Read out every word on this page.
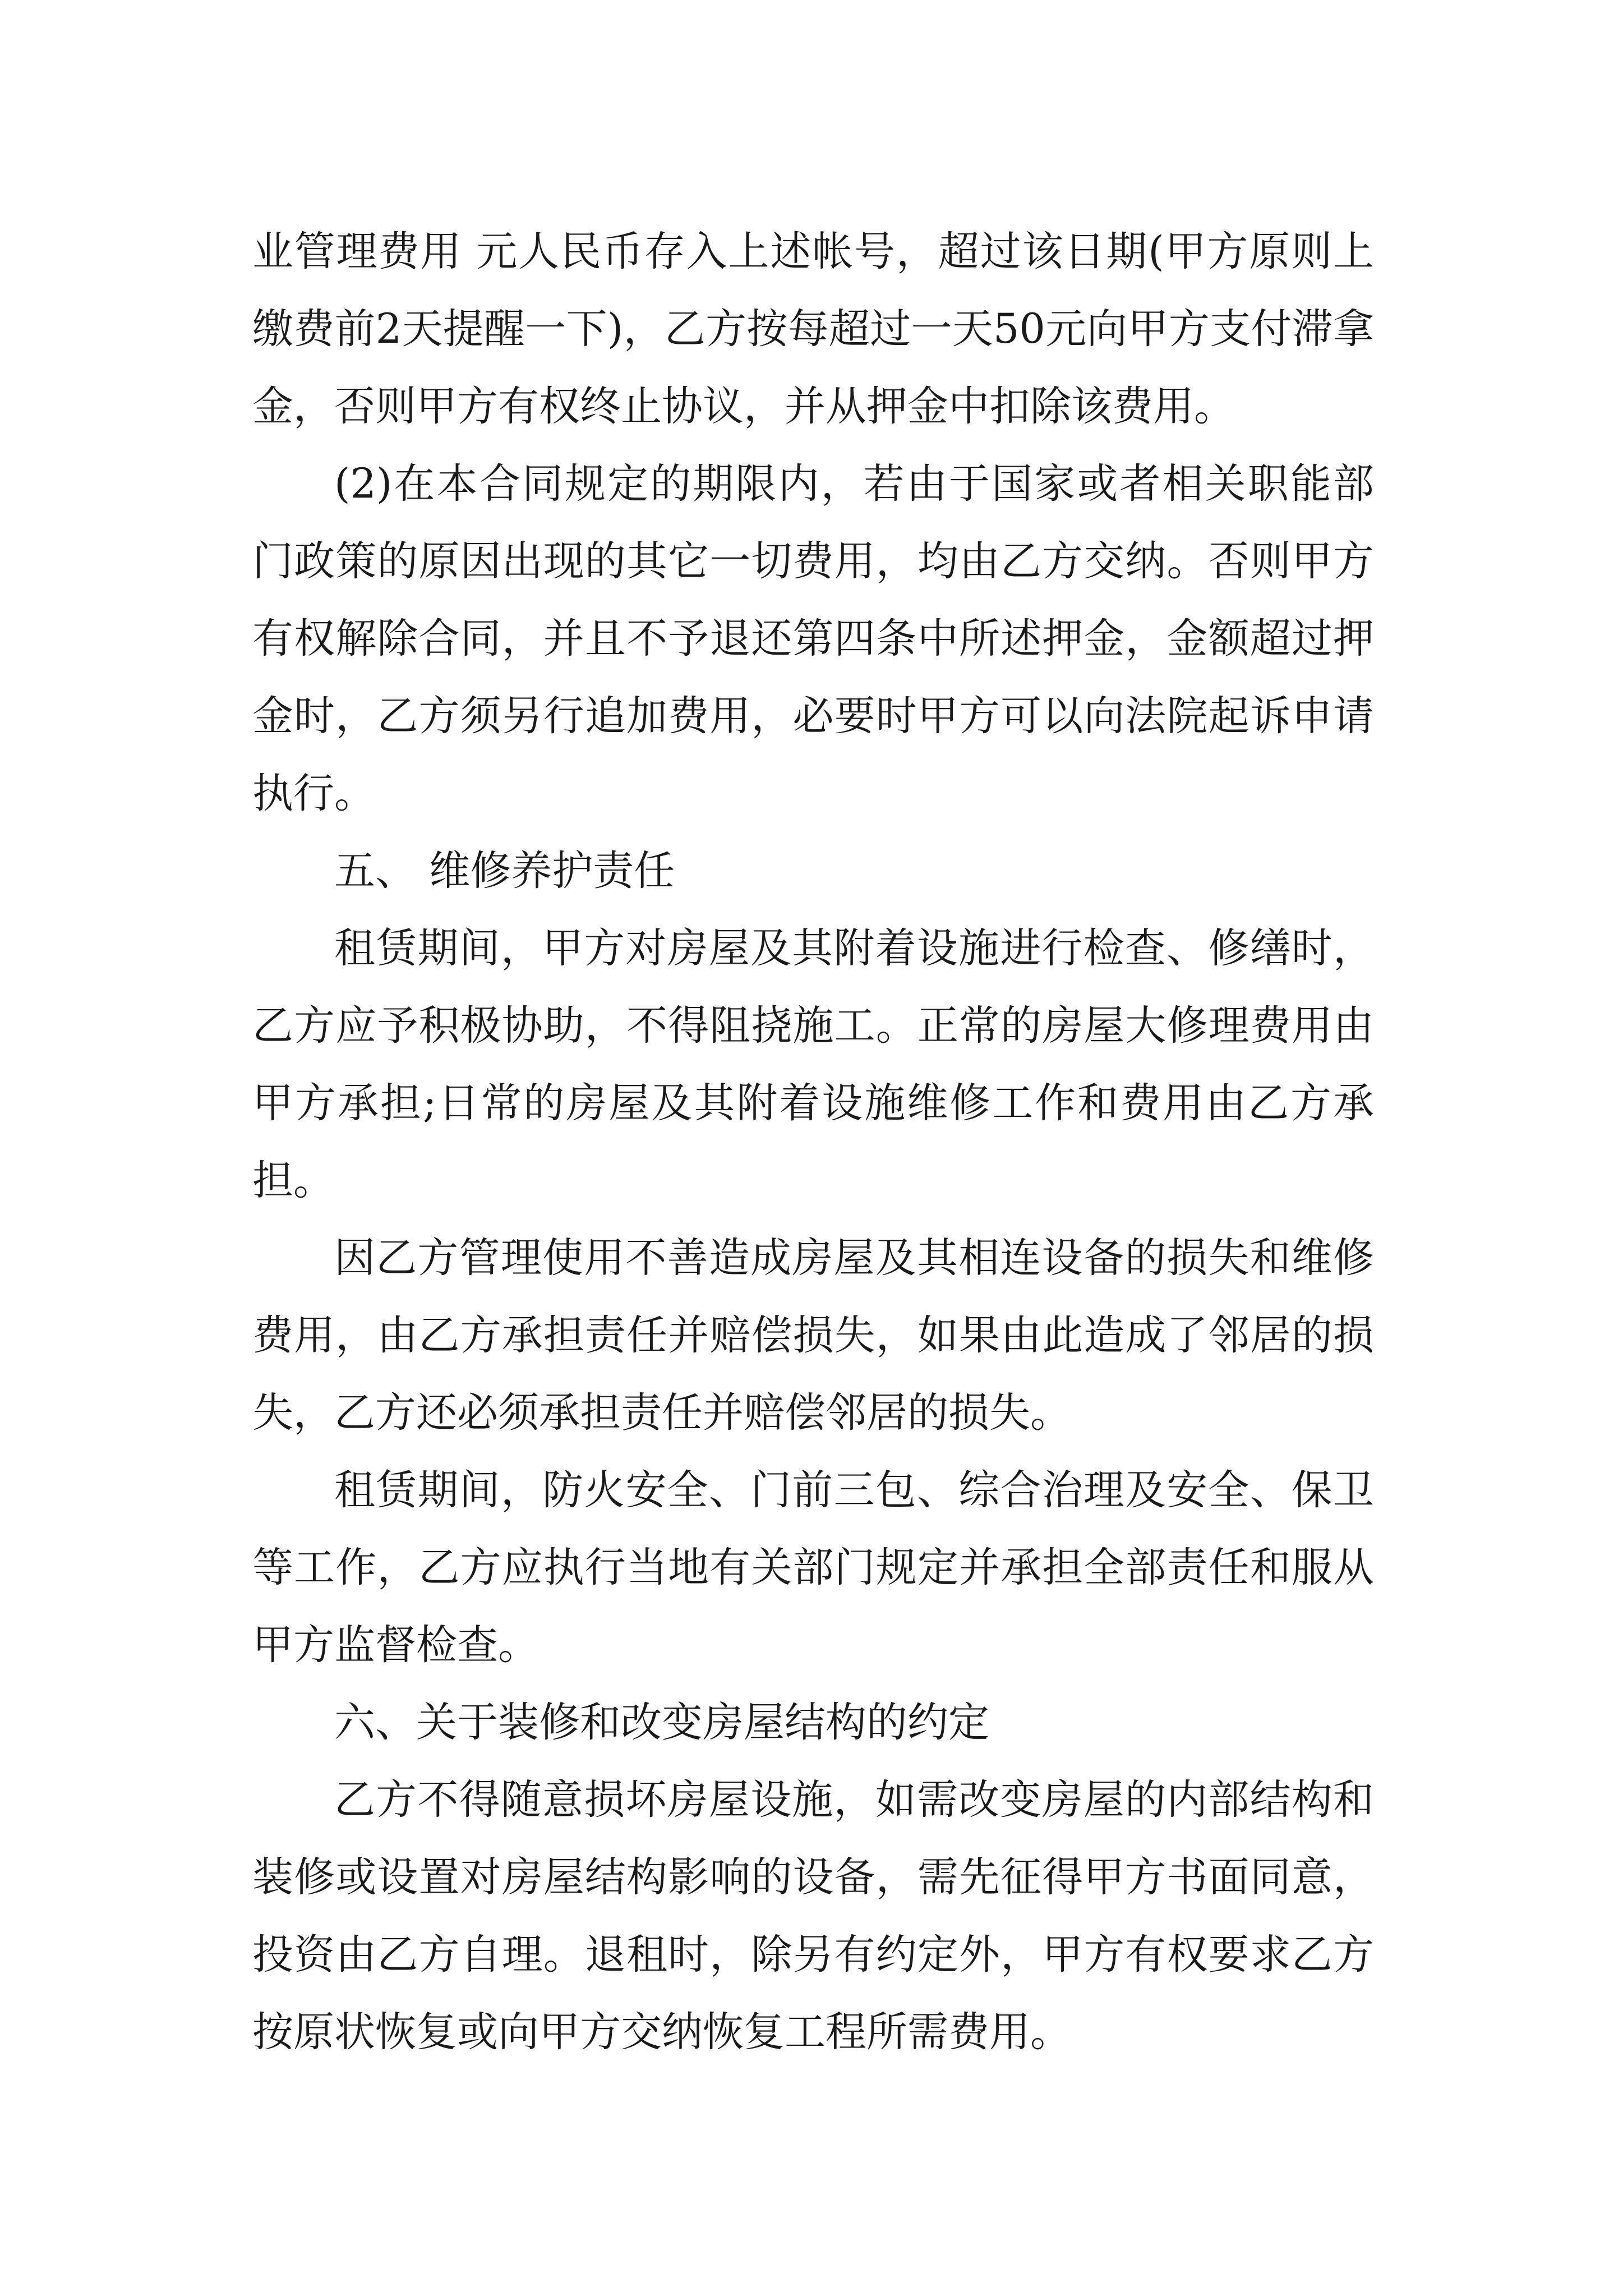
业管理费用 元人民币存入上述帐号，超过该日期(甲方原则上缴费前2天提醒一下)，乙方按每超过一天50元向甲方支付滞拿金，否则甲方有权终止协议，并从押金中扣除该费用。

(2)在本合同规定的期限内，若由于国家或者相关职能部门政策的原因出现的其它一切费用，均由乙方交纳。否则甲方有权解除合同，并且不予退还第四条中所述押金，金额超过押金时，乙方须另行追加费用，必要时甲方可以向法院起诉申请执行。

五、 维修养护责任

租赁期间，甲方对房屋及其附着设施进行检查、修缮时，乙方应予积极协助，不得阻挠施工。正常的房屋大修理费用由甲方承担;日常的房屋及其附着设施维修工作和费用由乙方承担。

因乙方管理使用不善造成房屋及其相连设备的损失和维修费用，由乙方承担责任并赔偿损失，如果由此造成了邻居的损失，乙方还必须承担责任并赔偿邻居的损失。

租赁期间，防火安全、门前三包、综合治理及安全、保卫等工作，乙方应执行当地有关部门规定并承担全部责任和服从甲方监督检查。

六、关于装修和改变房屋结构的约定

乙方不得随意损坏房屋设施，如需改变房屋的内部结构和装修或设置对房屋结构影响的设备，需先征得甲方书面同意，投资由乙方自理。退租时，除另有约定外，甲方有权要求乙方按原状恢复或向甲方交纳恢复工程所需费用。
